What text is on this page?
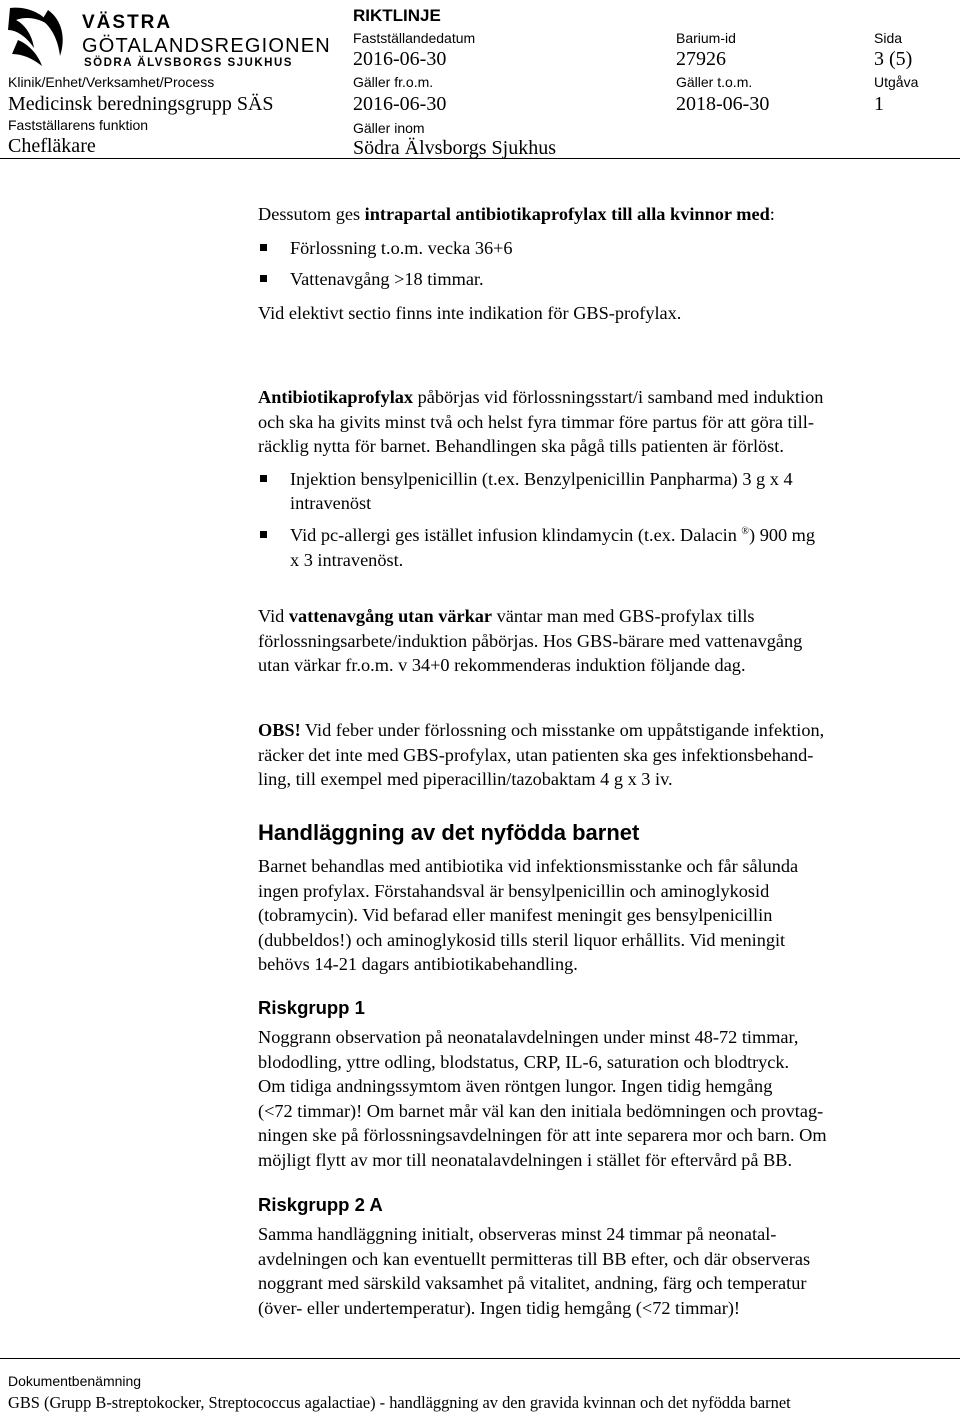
VÄSTRA
GÖTALANDSREGIONEN
SÖDRA ÄLVSBORGS SJUKHUS
RIKTLINJE
Klinik/Enhet/Verksamhet/Process
Medicinsk beredningsgrupp SÄS
Fastställarens funktion
Chefläkare
Fastställandedatum
2016-06-30
Gäller fr.o.m.
2016-06-30
Gäller inom
Södra Älvsborgs Sjukhus
Barium-id
27926
Gäller t.o.m.
2018-06-30
Sida
3 (5)
Utgåva
1

Dessutom ges intrapartal antibiotikaprofylax till alla kvinnor med:

Förlossning t.o.m. vecka 36+6
Vattenavgång >18 timmar.

Vid elektivt sectio finns inte indikation för GBS-profylax.

Antibiotikaprofylax påbörjas vid förlossningsstart/i samband med induktion
och ska ha givits minst två och helst fyra timmar före partus för att göra till-
räcklig nytta för barnet. Behandlingen ska pågå tills patienten är förlöst.

Injektion bensylpenicillin (t.ex. Benzylpenicillin Panpharma) 3 g x 4
intravenöst
Vid pc-allergi ges istället infusion klindamycin (t.ex. Dalacin ®) 900 mg
x 3 intravenöst.

Vid vattenavgång utan värkar väntar man med GBS-profylax tills
förlossningsarbete/induktion påbörjas. Hos GBS-bärare med vattenavgång
utan värkar fr.o.m. v 34+0 rekommenderas induktion följande dag.

OBS! Vid feber under förlossning och misstanke om uppåtstigande infektion,
räcker det inte med GBS-profylax, utan patienten ska ges infektionsbehand-
ling, till exempel med piperacillin/tazobaktam 4 g x 3 iv.

Handläggning av det nyfödda barnet

Barnet behandlas med antibiotika vid infektionsmisstanke och får sålunda
ingen profylax. Förstahandsval är bensylpenicillin och aminoglykosid
(tobramycin). Vid befarad eller manifest meningit ges bensylpenicillin
(dubbeldos!) och aminoglykosid tills steril liquor erhållits. Vid meningit
behövs 14-21 dagars antibiotikabehandling.

Riskgrupp 1

Noggrann observation på neonatalavdelningen under minst 48-72 timmar,
blododling, yttre odling, blodstatus, CRP, IL-6, saturation och blodtryck.
Om tidiga andningssymtom även röntgen lungor. Ingen tidig hemgång
(<72 timmar)! Om barnet mår väl kan den initiala bedömningen och provtag-
ningen ske på förlossningsavdelningen för att inte separera mor och barn. Om
möjligt flytt av mor till neonatalavdelningen i stället för eftervård på BB.

Riskgrupp 2 A

Samma handläggning initialt, observeras minst 24 timmar på neonatal-
avdelningen och kan eventuellt permitteras till BB efter, och där observeras
noggrant med särskild vaksamhet på vitalitet, andning, färg och temperatur
(över- eller undertemperatur). Ingen tidig hemgång (<72 timmar)!

Dokumentbenämning
GBS (Grupp B-streptokocker, Streptococcus agalactiae) - handläggning av den gravida kvinnan och det nyfödda barnet
